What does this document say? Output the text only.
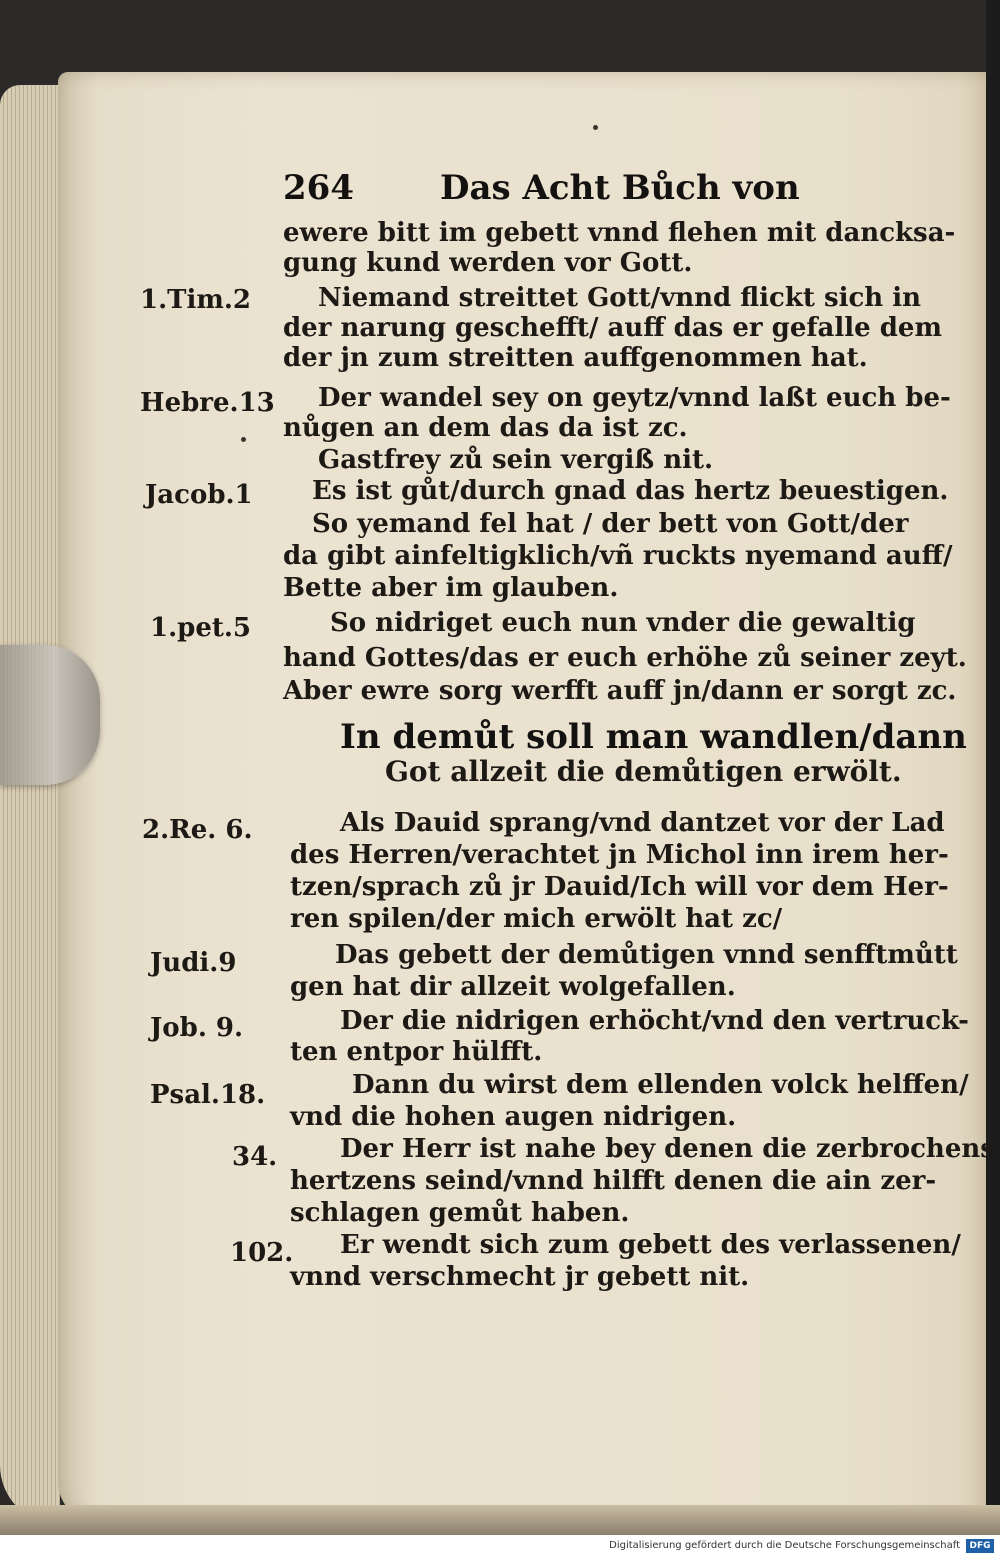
264	Das Acht Bůch von
ewere bitt im gebett vnnd flehen mit dancksa-
gung kund werden vor Gott.
1.Tim.2	Niemand streittet Gott/vnnd flickt sich in
der narung geschefft/ auff das er gefalle dem
der jn zum streitten auffgenommen hat.
Hebre.13 Der wandel sey on geytz/vnnd laßt euch be-
nůgen an dem das da ist zc.
Gastfrey zů sein vergiß nit.
Jacob.1 Es ist gůt/durch gnad das hertz beuestigen.
So yemand fel hat / der bett von Gott/der
da gibt ainfeltigklich/vñ ruckts nyemand auff/
Bette aber im glauben.
1.pet.5	So nidriget euch nun vnder die gewaltig
hand Gottes/das er euch erhöhe zů seiner zeyt.
Aber ewre sorg werfft auff jn/dann er sorgt zc.
In demůt soll man wandlen/dann
Got allzeit die demůtigen erwölt.
2.Re. 6.	Als Dauid sprang/vnd dantzet vor der Lad
des Herren/verachtet jn Michol inn irem her-
tzen/sprach zů jr Dauid/Ich will vor dem Her-
ren spilen/der mich erwölt hat zc/
Judi.9	Das gebett der demůtigen vnnd senfftmůtt
gen hat dir allzeit wolgefallen.
Job. 9.	Der die nidrigen erhöcht/vnd den vertruck-
ten entpor hülfft.
Psal.18.	Dann du wirst dem ellenden volck helffen/
vnd die hohen augen nidrigen.
34. Der Herr ist nahe bey denen die zerbrochens
hertzens seind/vnnd hilfft denen die ain zer-
schlagen gemůt haben.
102. Er wendt sich zum gebett des verlassenen/
vnnd verschmecht jr gebett nit.
Digitalisierung gefördert durch die Deutsche Forschungsgemeinschaft	DFG
